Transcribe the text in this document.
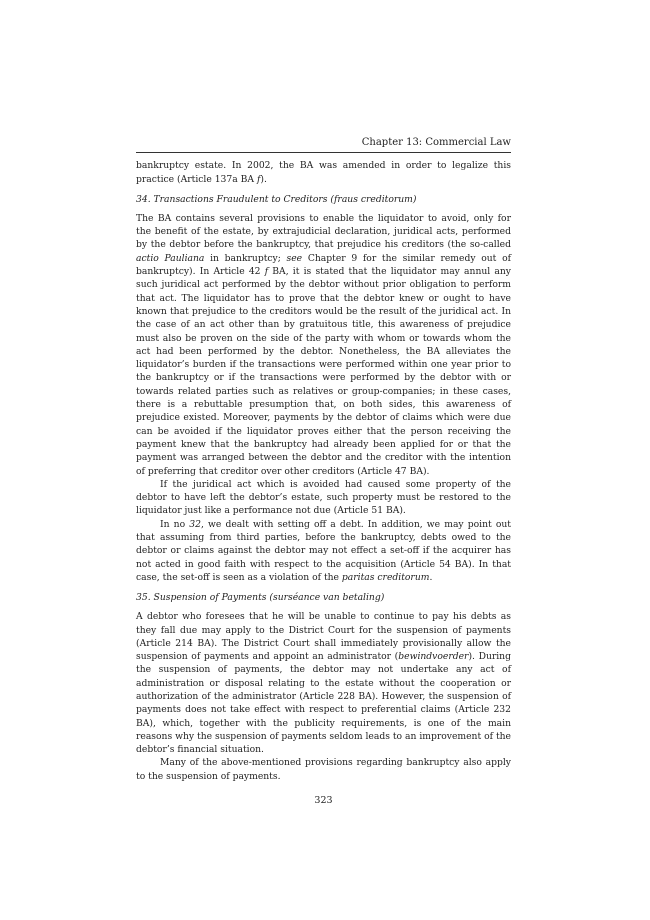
Chapter 13: Commercial Law

bankruptcy estate. In 2002, the BA was amended in order to legalize this practice (Article 137a BA f).

34. Transactions Fraudulent to Creditors (fraus creditorum)

The BA contains several provisions to enable the liquidator to avoid, only for the benefit of the estate, by extrajudicial declaration, juridical acts, performed by the debtor before the bankruptcy, that prejudice his creditors (the so-called actio Pauliana in bankruptcy; see Chapter 9 for the similar remedy out of bankruptcy). In Article 42 f BA, it is stated that the liquidator may annul any such juridical act performed by the debtor without prior obligation to perform that act. The liquidator has to prove that the debtor knew or ought to have known that prejudice to the creditors would be the result of the juridical act. In the case of an act other than by gratuitous title, this awareness of prejudice must also be proven on the side of the party with whom or towards whom the act had been performed by the debtor. Nonetheless, the BA alleviates the liquidator’s burden if the transactions were performed within one year prior to the bankruptcy or if the transactions were performed by the debtor with or towards related parties such as relatives or group-companies; in these cases, there is a rebuttable presumption that, on both sides, this awareness of prejudice existed. Moreover, payments by the debtor of claims which were due can be avoided if the liquidator proves either that the person receiving the payment knew that the bankruptcy had already been applied for or that the payment was arranged between the debtor and the creditor with the intention of preferring that creditor over other creditors (Article 47 BA).

If the juridical act which is avoided had caused some property of the debtor to have left the debtor’s estate, such property must be restored to the liquidator just like a performance not due (Article 51 BA).

In no 32, we dealt with setting off a debt. In addition, we may point out that assuming from third parties, before the bankruptcy, debts owed to the debtor or claims against the debtor may not effect a set-off if the acquirer has not acted in good faith with respect to the acquisition (Article 54 BA). In that case, the set-off is seen as a violation of the paritas creditorum.

35. Suspension of Payments (surséance van betaling)

A debtor who foresees that he will be unable to continue to pay his debts as they fall due may apply to the District Court for the suspension of payments (Article 214 BA). The District Court shall immediately provisionally allow the suspension of payments and appoint an administrator (bewindvoerder). During the suspension of payments, the debtor may not undertake any act of administration or disposal relating to the estate without the cooperation or authorization of the administrator (Article 228 BA). However, the suspension of payments does not take effect with respect to preferential claims (Article 232 BA), which, together with the publicity requirements, is one of the main reasons why the suspension of payments seldom leads to an improvement of the debtor’s financial situation.

Many of the above-mentioned provisions regarding bankruptcy also apply to the suspension of payments.

323
